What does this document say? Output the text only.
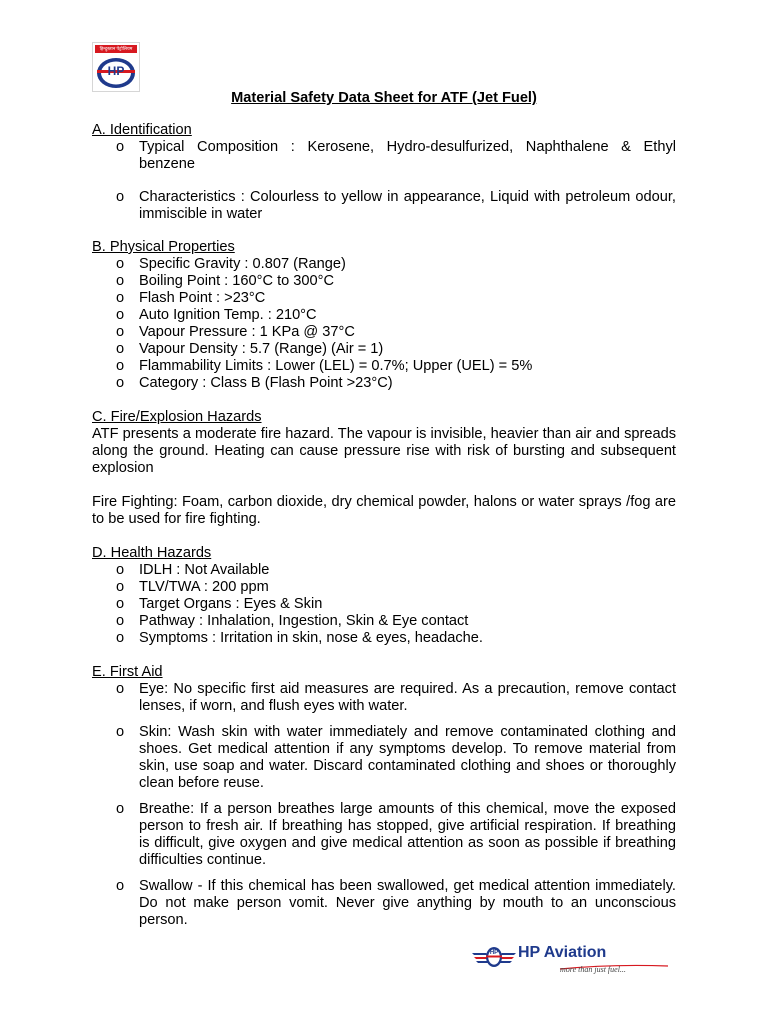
हिन्दुस्तान पेट्रोलियम
HP
Material Safety Data Sheet for ATF (Jet Fuel)

A. Identification

o Typical Composition : Kerosene, Hydro-desulfurized, Naphthalene & Ethyl benzene
o Characteristics : Colourless to yellow in appearance, Liquid with petroleum odour, immiscible in water

B. Physical Properties

o Specific Gravity : 0.807 (Range)
o Boiling Point : 160°C to 300°C
o Flash Point : >23°C
o Auto Ignition Temp. : 210°C
o Vapour Pressure : 1 KPa @ 37°C
o Vapour Density : 5.7 (Range) (Air = 1)
o Flammability Limits : Lower (LEL) = 0.7%; Upper (UEL) = 5%
o Category : Class B (Flash Point >23°C)

C. Fire/Explosion Hazards

ATF presents a moderate fire hazard. The vapour is invisible, heavier than air and spreads along the ground. Heating can cause pressure rise with risk of bursting and subsequent explosion

Fire Fighting: Foam, carbon dioxide, dry chemical powder, halons or water sprays /fog are to be used for fire fighting.

D. Health Hazards

o IDLH : Not Available
o TLV/TWA : 200 ppm
o Target Organs : Eyes & Skin
o Pathway : Inhalation, Ingestion, Skin & Eye contact
o Symptoms : Irritation in skin, nose & eyes, headache.

E. First Aid

o Eye: No specific first aid measures are required. As a precaution, remove contact lenses, if worn, and flush eyes with water.
o Skin: Wash skin with water immediately and remove contaminated clothing and shoes. Get medical attention if any symptoms develop. To remove material from skin, use soap and water. Discard contaminated clothing and shoes or thoroughly clean before reuse.
o Breathe: If a person breathes large amounts of this chemical, move the exposed person to fresh air. If breathing has stopped, give artificial respiration. If breathing is difficult, give oxygen and give medical attention as soon as possible if breathing difficulties continue.
o Swallow - If this chemical has been swallowed, get medical attention immediately. Do not make person vomit. Never give anything by mouth to an unconscious person.
HP HP Aviation
more than just fuel...
